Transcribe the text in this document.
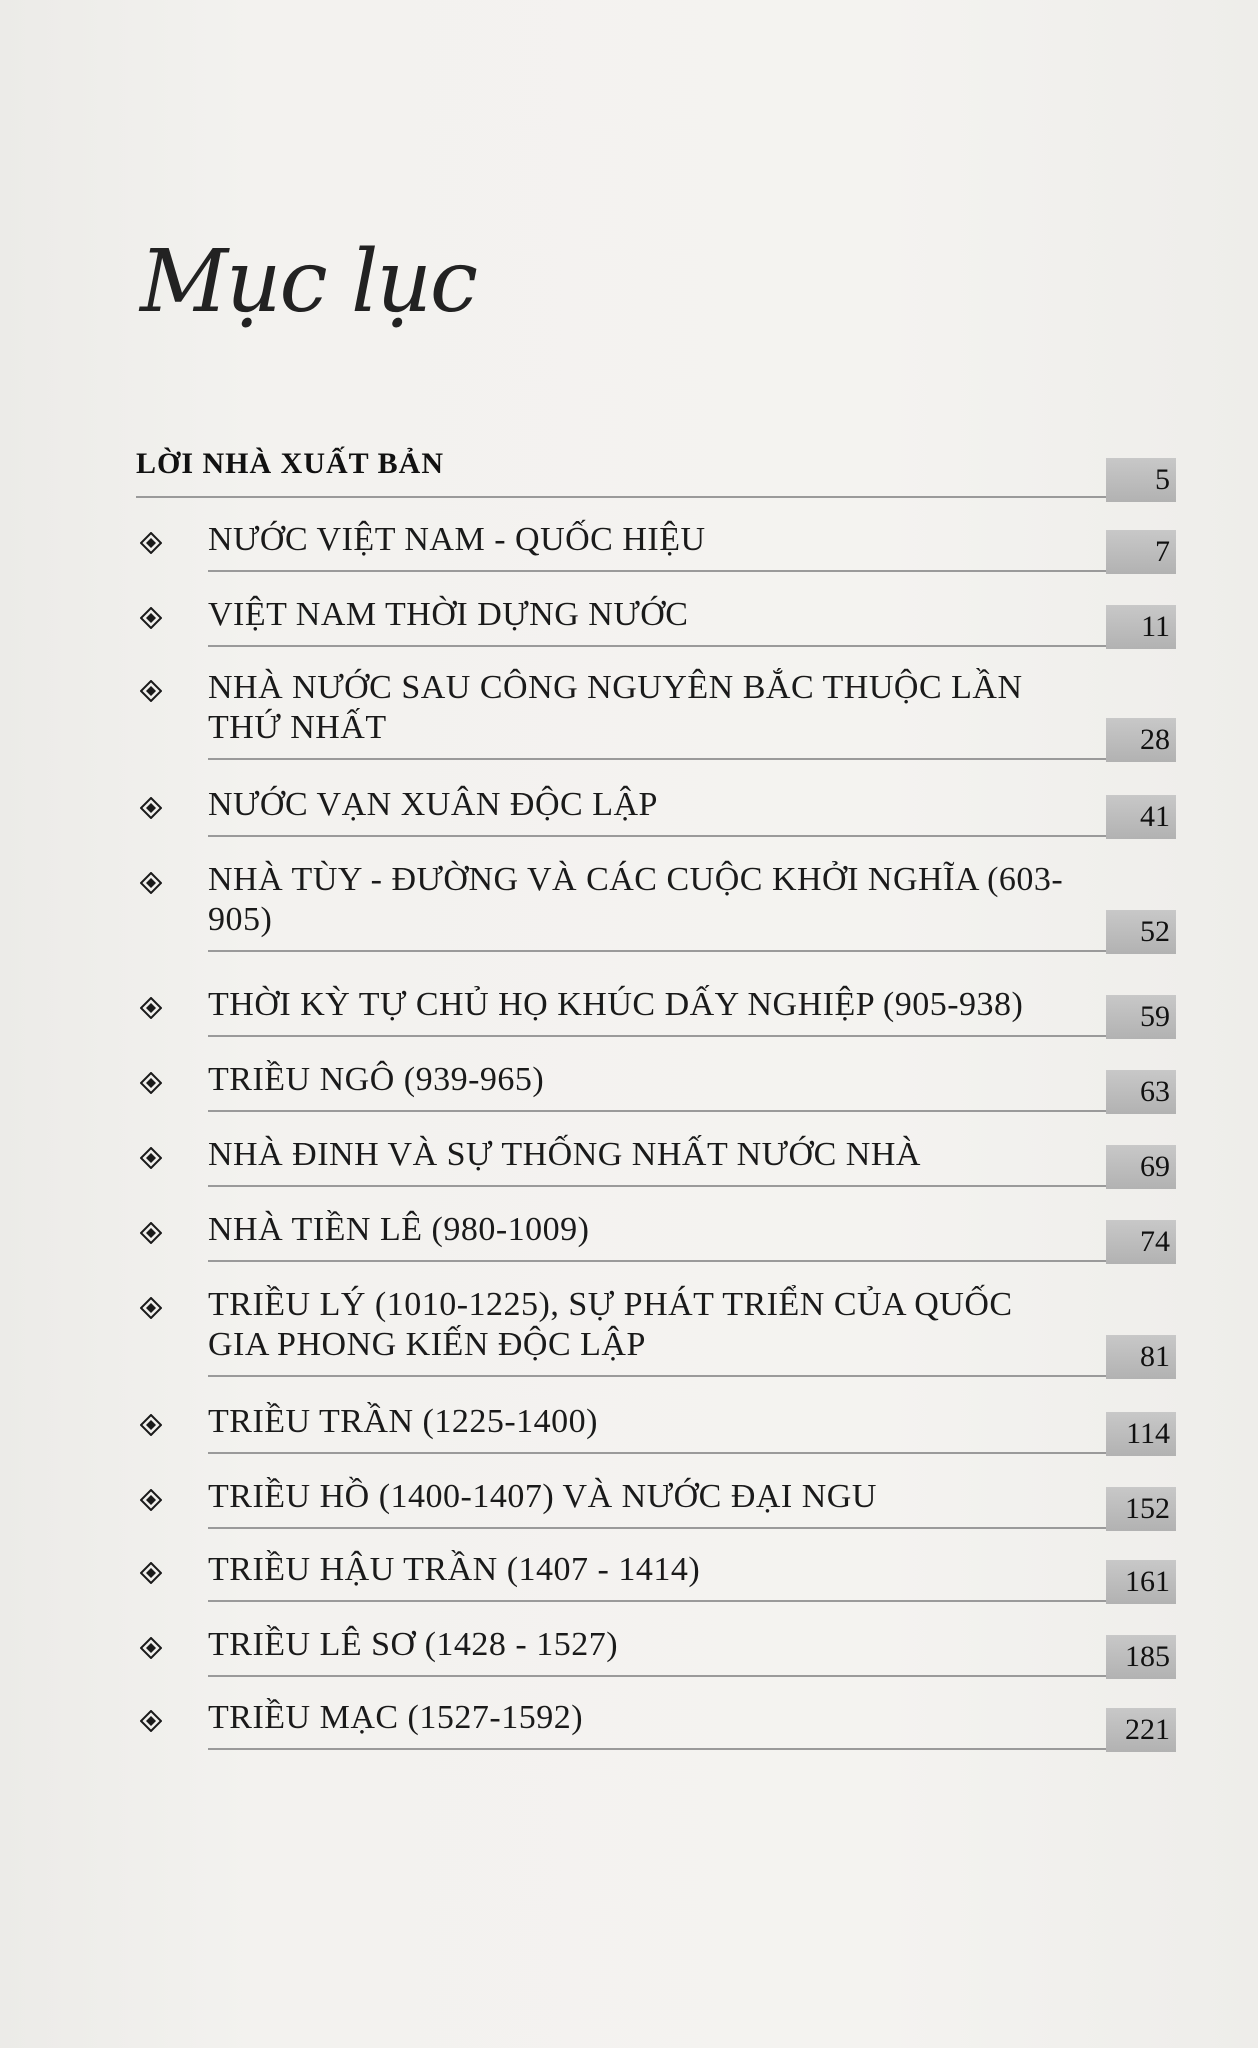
Mục lục
LỜI NHÀ XUẤT BẢN	5
NƯỚC VIỆT NAM - QUỐC HIỆU	7
VIỆT NAM THỜI DỰNG NƯỚC	11
NHÀ NƯỚC SAU CÔNG NGUYÊN BẮC THUỘC LẦN THỨ NHẤT	28
NƯỚC VẠN XUÂN ĐỘC LẬP	41
NHÀ TÙY - ĐƯỜNG VÀ CÁC CUỘC KHỞI NGHĨA (603-905)	52
THỜI KỲ TỰ CHỦ HỌ KHÚC DẤY NGHIỆP (905-938)	59
TRIỀU NGÔ (939-965)	63
NHÀ ĐINH VÀ SỰ THỐNG NHẤT NƯỚC NHÀ	69
NHÀ TIỀN LÊ (980-1009)	74
TRIỀU LÝ (1010-1225), SỰ PHÁT TRIỂN CỦA QUỐC GIA PHONG KIẾN ĐỘC LẬP	81
TRIỀU TRẦN (1225-1400)	114
TRIỀU HỒ (1400-1407) VÀ NƯỚC ĐẠI NGU	152
TRIỀU HẬU TRẦN (1407 - 1414)	161
TRIỀU LÊ SƠ (1428 - 1527)	185
TRIỀU MẠC (1527-1592)	221
